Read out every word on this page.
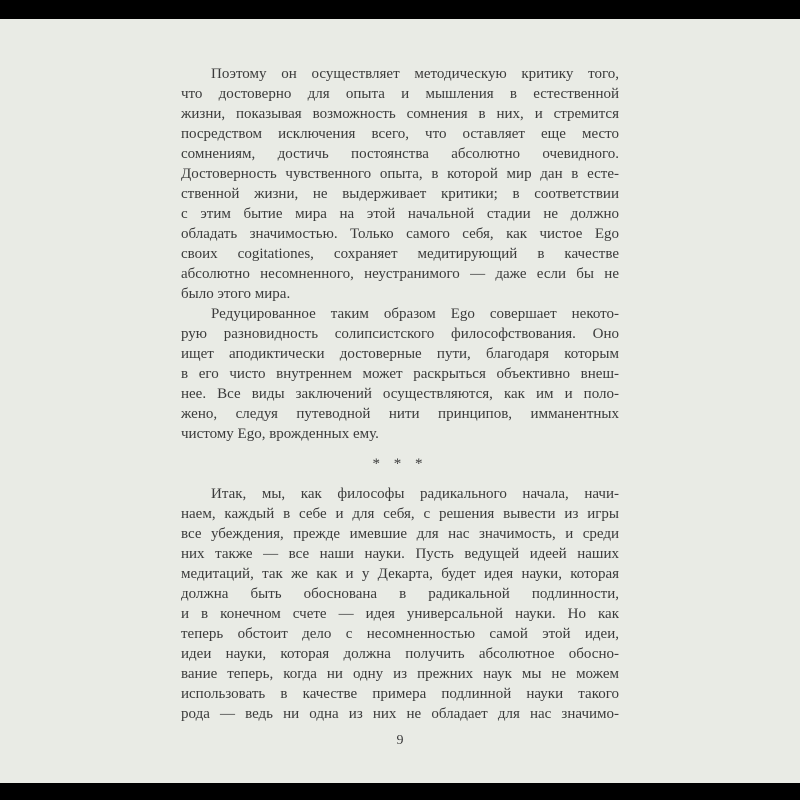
Поэтому он осуществляет методическую критику того,
что достоверно для опыта и мышления в естественной
жизни, показывая возможность сомнения в них, и стремится
посредством исключения всего, что оставляет еще место
сомнениям, достичь постоянства абсолютно очевидного.
Достоверность чувственного опыта, в которой мир дан в есте-
ственной жизни, не выдерживает критики; в соответствии
с этим бытие мира на этой начальной стадии не должно
обладать значимостью. Только самого себя, как чистое Ego
своих cogitationes, сохраняет медитирующий в качестве
абсолютно несомненного, неустранимого — даже если бы не
было этого мира.
Редуцированное таким образом Ego совершает некото-
рую разновидность солипсистского философствования. Оно
ищет аподиктически достоверные пути, благодаря которым
в его чисто внутреннем может раскрыться объективно внеш-
нее. Все виды заключений осуществляются, как им и поло-
жено, следуя путеводной нити принципов, имманентных
чистому Ego, врожденных ему.
* * *
Итак, мы, как философы радикального начала, начи-
наем, каждый в себе и для себя, с решения вывести из игры
все убеждения, прежде имевшие для нас значимость, и среди
них также — все наши науки. Пусть ведущей идеей наших
медитаций, так же как и у Декарта, будет идея науки, которая
должна быть обоснована в радикальной подлинности,
и в конечном счете — идея универсальной науки. Но как
теперь обстоит дело с несомненностью самой этой идеи,
идеи науки, которая должна получить абсолютное обосно-
вание теперь, когда ни одну из прежних наук мы не можем
использовать в качестве примера подлинной науки такого
рода — ведь ни одна из них не обладает для нас значимо-
9
